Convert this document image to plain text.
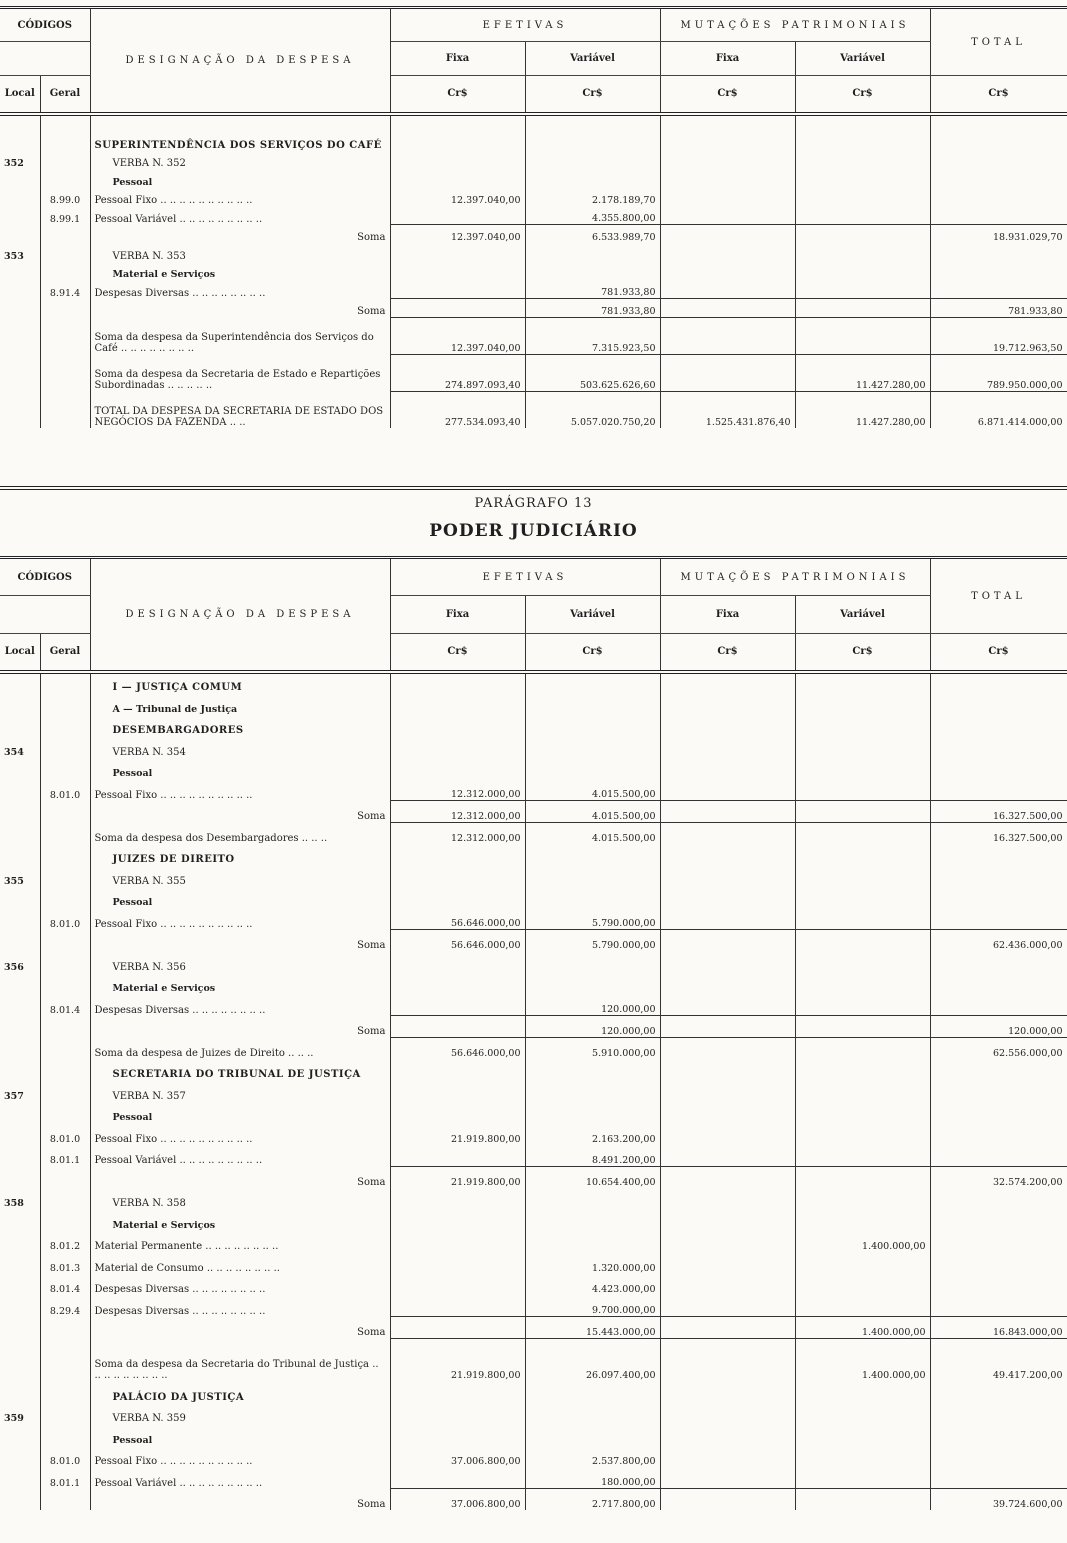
CÓDIGOS		DESIGNAÇÃO DA DESPESA	EFETIVAS		MUTAÇÕES PATRIMONIAIS		TOTAL
			Fixa	Variável	Fixa	Variável	
Local	Geral		Cr$	Cr$	Cr$	Cr$	Cr$
		SUPERINTENDÊNCIA DOS SERVIÇOS DO CAFÉ					
352		VERBA N. 352					
		Pessoal					
	8.99.0	Pessoal Fixo .. .. .. .. .. .. .. .. .. ..	12.397.040,00	2.178.189,70			
	8.99.1	Pessoal Variável .. .. .. .. .. .. .. .. ..		4.355.800,00			
		Soma	12.397.040,00	6.533.989,70			18.931.029,70
353		VERBA N. 353					
		Material e Serviços					
	8.91.4	Despesas Diversas .. .. .. .. .. .. .. ..		781.933,80			
		Soma		781.933,80			781.933,80
		Soma da despesa da Superintendência dos Serviços do Café .. .. .. .. .. .. .. ..	12.397.040,00	7.315.923,50			19.712.963,50
		Soma da despesa da Secretaria de Estado e Repartições Subordinadas .. .. .. .. ..	274.897.093,40	503.625.626,60		11.427.280,00	789.950.000,00
		TOTAL DA DESPESA DA SECRETARIA DE ESTADO DOS NEGÓCIOS DA FAZENDA .. ..	277.534.093,40	5.057.020.750,20	1.525.431.876,40	11.427.280,00	6.871.414.000,00
PARÁGRAFO 13
PODER JUDICIÁRIO
CÓDIGOS		DESIGNAÇÃO DA DESPESA	EFETIVAS		MUTAÇÕES PATRIMONIAIS		TOTAL
			Fixa	Variável	Fixa	Variável	
Local	Geral		Cr$	Cr$	Cr$	Cr$	Cr$
		I — JUSTIÇA COMUM					
		A — Tribunal de Justiça					
		DESEMBARGADORES					
354		VERBA N. 354					
		Pessoal					
	8.01.0	Pessoal Fixo .. .. .. .. .. .. .. .. .. ..	12.312.000,00	4.015.500,00			
		Soma	12.312.000,00	4.015.500,00			16.327.500,00
		Soma da despesa dos Desembargadores .. .. ..	12.312.000,00	4.015.500,00			16.327.500,00
		JUIZES DE DIREITO					
355		VERBA N. 355					
		Pessoal					
	8.01.0	Pessoal Fixo .. .. .. .. .. .. .. .. .. ..	56.646.000,00	5.790.000,00			
		Soma	56.646.000,00	5.790.000,00			62.436.000,00
356		VERBA N. 356					
		Material e Serviços					
	8.01.4	Despesas Diversas .. .. .. .. .. .. .. ..		120.000,00			
		Soma		120.000,00			120.000,00
		Soma da despesa de Juizes de Direito .. .. ..	56.646.000,00	5.910.000,00			62.556.000,00
		SECRETARIA DO TRIBUNAL DE JUSTIÇA					
357		VERBA N. 357					
		Pessoal					
	8.01.0	Pessoal Fixo .. .. .. .. .. .. .. .. .. ..	21.919.800,00	2.163.200,00			
	8.01.1	Pessoal Variável .. .. .. .. .. .. .. .. ..		8.491.200,00			
		Soma	21.919.800,00	10.654.400,00			32.574.200,00
358		VERBA N. 358					
		Material e Serviços					
	8.01.2	Material Permanente .. .. .. .. .. .. .. ..				1.400.000,00	
	8.01.3	Material de Consumo .. .. .. .. .. .. .. ..		1.320.000,00			
	8.01.4	Despesas Diversas .. .. .. .. .. .. .. ..		4.423.000,00			
	8.29.4	Despesas Diversas .. .. .. .. .. .. .. ..		9.700.000,00			
		Soma		15.443.000,00		1.400.000,00	16.843.000,00
		Soma da despesa da Secretaria do Tribunal de Justiça .. .. .. .. .. .. .. .. ..	21.919.800,00	26.097.400,00		1.400.000,00	49.417.200,00
		PALÁCIO DA JUSTIÇA					
359		VERBA N. 359					
		Pessoal					
	8.01.0	Pessoal Fixo .. .. .. .. .. .. .. .. .. ..	37.006.800,00	2.537.800,00			
	8.01.1	Pessoal Variável .. .. .. .. .. .. .. .. ..		180.000,00			
		Soma	37.006.800,00	2.717.800,00			39.724.600,00
